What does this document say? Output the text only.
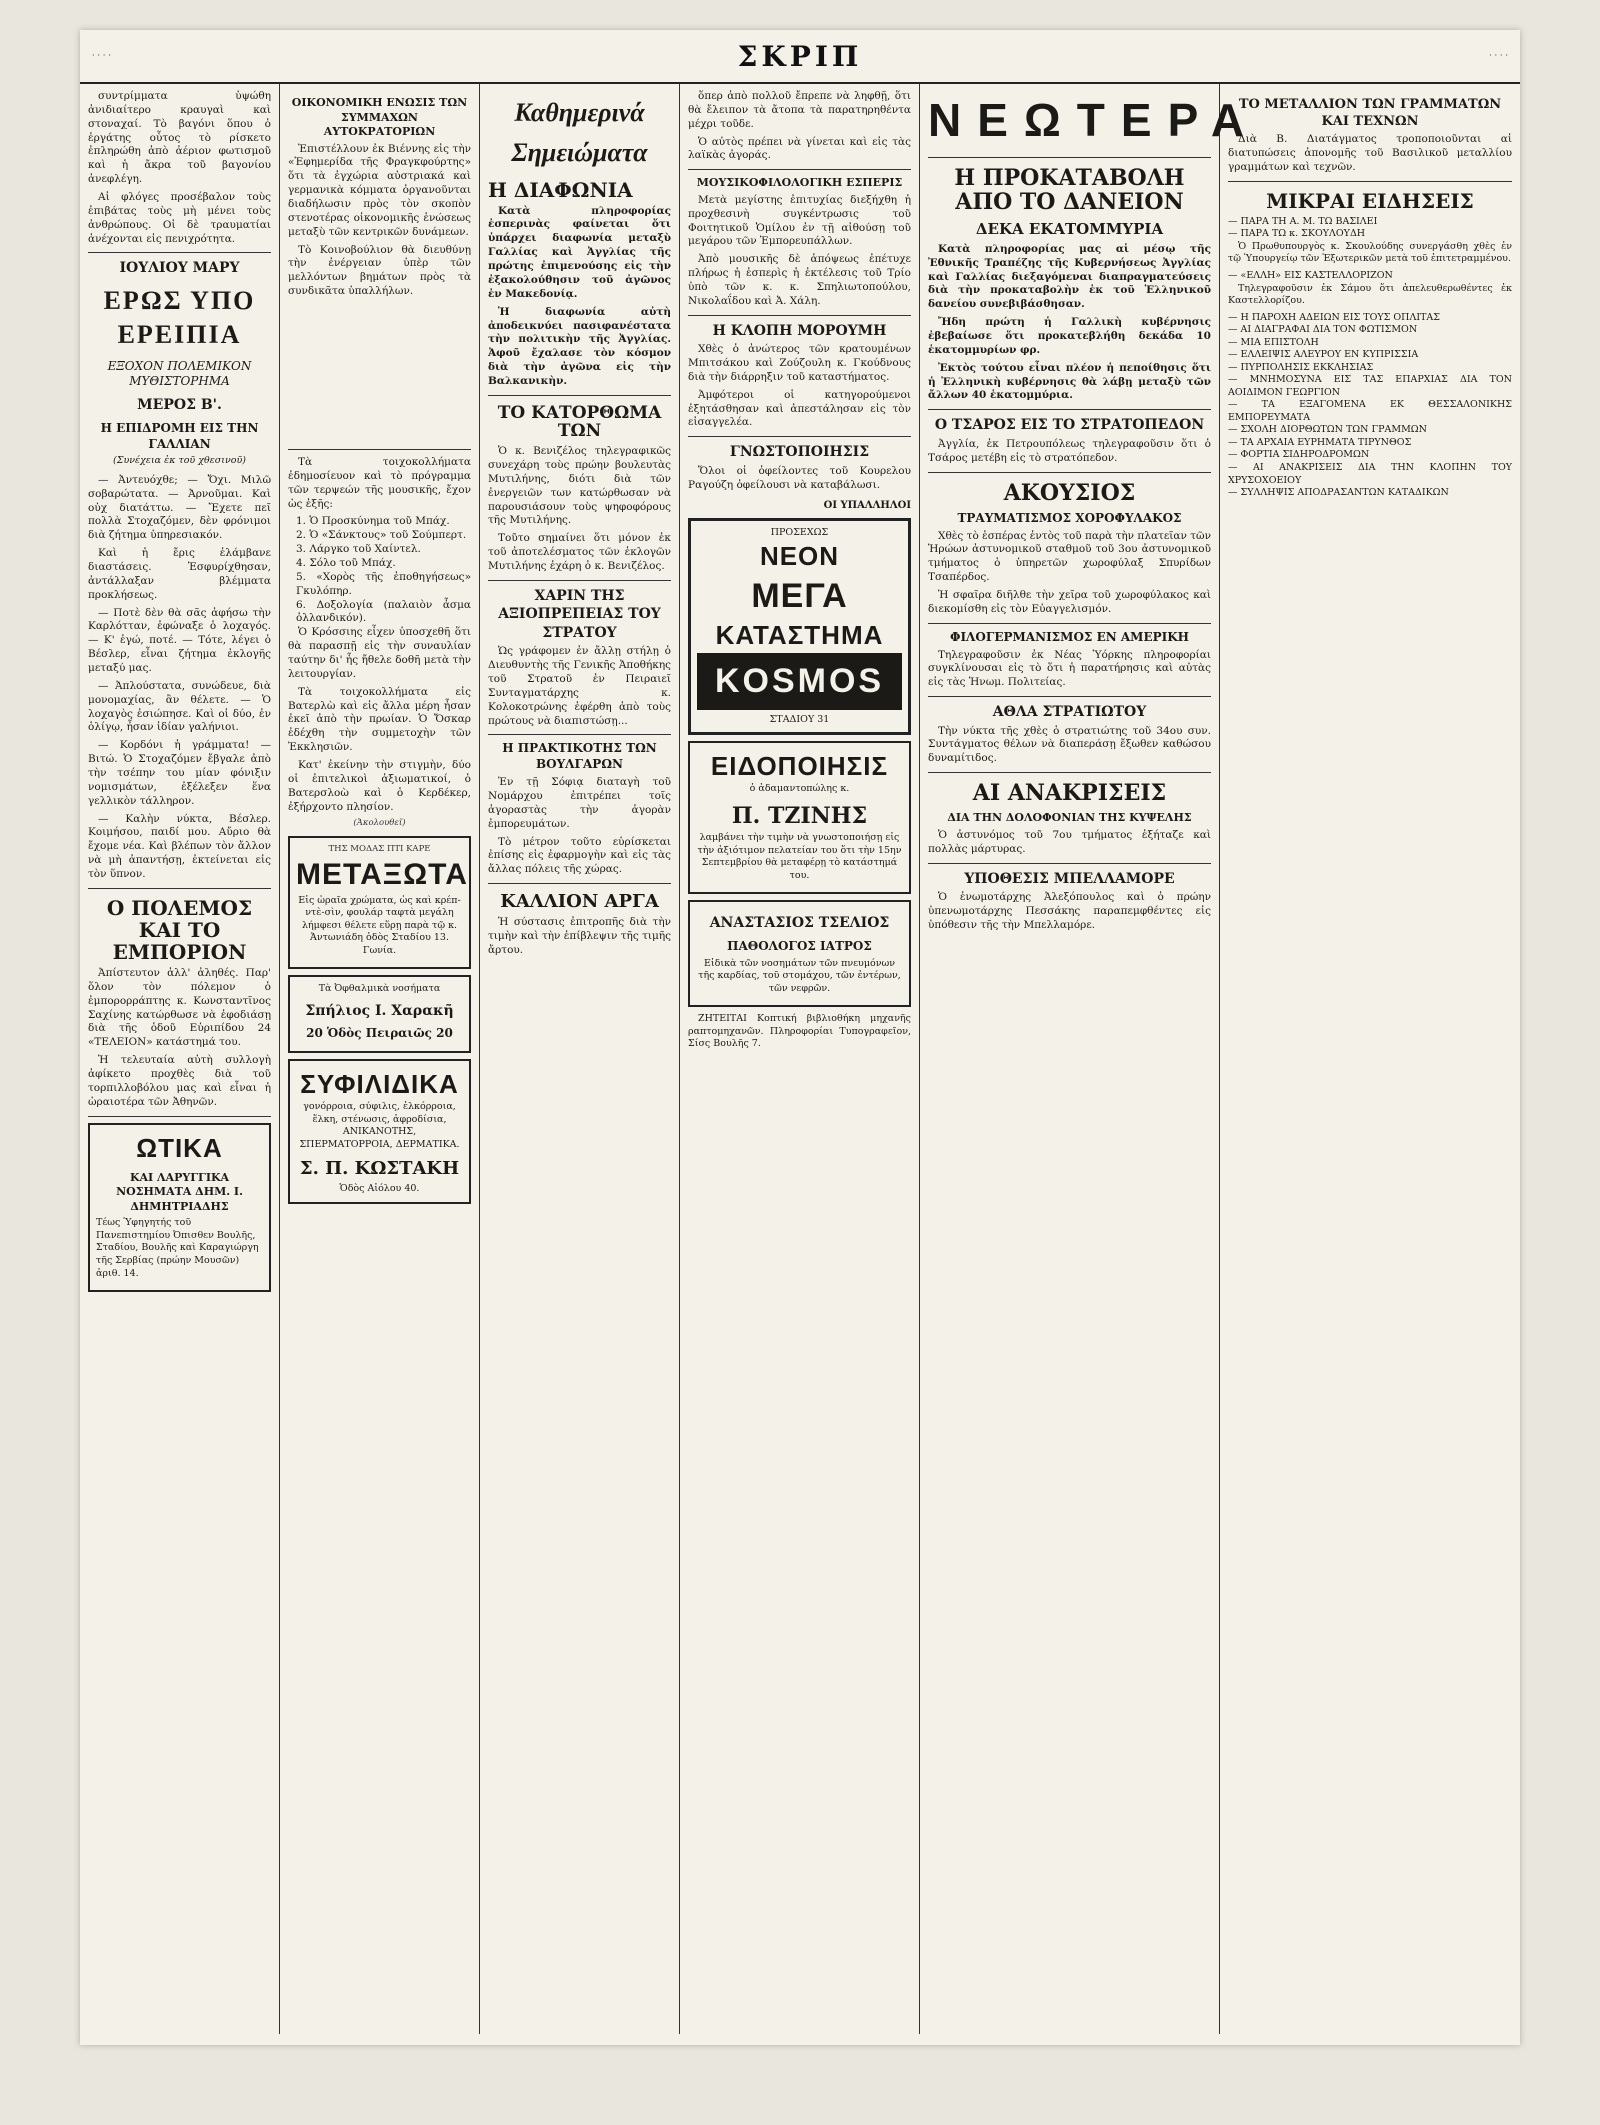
· · · ·	ΣΚΡΙΠ	· · · ·

συντρίμματα ὑψώθη ἀνιδιαίτερο κραυγαὶ καὶ στοναχαί. Τὸ βαγόνι ὅπου ὁ ἐργάτης οὗτος τὸ ρίσκετο ἐπληρώθη ἀπὸ ἀέριον φωτισμοῦ καὶ ἡ ἄκρα τοῦ βαγονίου ἀνεφλέγη.

Αἱ φλόγες προσέβαλον τοὺς ἐπιβάτας τοὺς μὴ μένει τοὺς ἀνθρώπους. Οἱ δὲ τραυματίαι ἀνέχονται εἰς πενιχρότητα.

ΙΟΥΛΙΟΥ ΜΑΡΥ
ΕΡΩΣ ΥΠΟ ΕΡΕΙΠΙΑ
ΕΞΟΧΟΝ ΠΟΛΕΜΙΚΟΝ ΜΥΘΙΣΤΟΡΗΜΑ
ΜΕΡΟΣ Β'.
Η ΕΠΙΔΡΟΜΗ ΕΙΣ ΤΗΝ ΓΑΛΛΙΑΝ
(Συνέχεια ἐκ τοῦ χθεσινοῦ)

— Ἀντευόχθε; — Ὄχι. Μιλῶ σοβαρώτατα. — Ἀρνοῦμαι. Καὶ οὐχ διατάττω. — Ἔχετε πεῖ πολλὰ Στοχαζόμεν, δὲν φρόνιμοι διὰ ζήτημα ὑπηρεσιακόν.

Καὶ ἡ ἔρις ἐλάμβανε διαστάσεις. Ἐσφυρίχθησαν, ἀντάλλαξαν βλέμματα προκλήσεως.

— Ποτὲ δὲν θὰ σᾶς ἀφήσω τὴν Καρλότταν, ἐφώναξε ὁ λοχαγός. — Κ' ἐγώ, ποτέ. — Τότε, λέγει ὁ Βέσλερ, εἶναι ζήτημα ἐκλογῆς μεταξύ μας.

— Ἀπλούστατα, συνώδευε, διὰ μονομαχίας, ἂν θέλετε. — Ὁ λοχαγὸς ἐσιώπησε. Καὶ οἱ δύο, ἐν ὁλίγῳ, ἦσαν ἰδίαν γαλήνιοι.

— Κορδόνι ἡ γράμματα! — Βιτώ. Ὁ Στοχαζόμεν ἔβγαλε ἀπὸ τὴν τσέπην του μίαν φόνιξιν νομισμάτων, ἐξέλεξεν ἕνα γελλικὸν τάλληρον.

— Καλὴν νύκτα, Βέσλερ. Κοιμήσου, παιδί μου. Αὔριο θὰ ἔχομε νέα. Καὶ βλέπων τὸν ἄλλον νὰ μὴ ἀπαντήσῃ, ἐκτείνεται εἰς τὸν ὕπνον.

Ο ΠΟΛΕΜΟΣ ΚΑΙ ΤΟ ΕΜΠΟΡΙΟΝ

Ἀπίστευτον ἀλλ' ἀληθές. Παρ' ὅλον τὸν πόλεμον ὁ ἐμπορορράπτης κ. Κωνσταντῖνος Σαχίνης κατώρθωσε νὰ ἐφοδιάσῃ διὰ τῆς ὁδοῦ Εὐριπίδου 24 «ΤΕΛΕΙΟΝ» κατάστημά του.

Ἡ τελευταία αὐτὴ συλλογὴ ἀφίκετο προχθὲς διὰ τοῦ τορπιλλοβόλου μας καὶ εἶναι ἡ ὡραιοτέρα τῶν Ἀθηνῶν.

ΩΤΙΚΑ
ΚΑΙ ΛΑΡΥΓΓΙΚΑ ΝΟΣΗΜΑΤΑ ΔΗΜ. Ι. ΔΗΜΗΤΡΙΑΔΗΣ

Τέως Ὑφηγητής τοῦ Πανεπιστημίου Ὀπισθεν Βουλῆς, Σταδίου, Βουλῆς καὶ Καραγιώργη τῆς Σερβίας (πρώην Μουσῶν) ἀριθ. 14.

ΟΙΚΟΝΟΜΙΚΗ ΕΝΩΣΙΣ ΤΩΝ ΣΥΜΜΑΧΩΝ ΑΥΤΟΚΡΑΤΟΡΙΩΝ

Ἐπιστέλλουν ἐκ Βιέννης εἰς τὴν «Ἐφημερίδα τῆς Φραγκφούρτης» ὅτι τὰ ἐγχώρια αὐστριακά καὶ γερμανικὰ κόμματα ὀργανοῦνται διαδήλωσιν πρὸς τὸν σκοπὸν στενοτέρας οἰκονομικῆς ἑνώσεως μεταξὺ τῶν κεντρικῶν δυνάμεων.

Τὸ Κοινοβούλιον θὰ διευθύνῃ τὴν ἐνέργειαν ὑπὲρ τῶν μελλόντων βημάτων πρὸς τὰ συνδικᾶτα ὑπαλλήλων.

Τὰ τοιχοκολλήματα ἐδημοσίευον καὶ τὸ πρόγραμμα τῶν τερψεών τῆς μουσικῆς, ἔχον ὡς ἑξῆς:

1. Ὁ Προσκύνημα τοῦ Μπάχ.
2. Ὁ «Σάνκτους» τοῦ Σούμπερτ.
3. Λάργκο τοῦ Χαίντελ.
4. Σόλο τοῦ Μπάχ.
5. «Χορὸς τῆς ἐποθηγήσεως» Γκυλόπηρ.
6. Δοξολογία (παλαιὸν ἆσμα ὀλλανδικόν).

Ὁ Κρόσσιης εἶχεν ὑποσχεθῆ ὅτι θὰ παρασπῇ εἰς τὴν συναυλίαν ταύτην δι' ἧς ἤθελε δοθῆ μετὰ τὴν λειτουργίαν.

Τὰ τοιχοκολλήματα εἰς Βατερλὼ καὶ εἰς ἄλλα μέρη ἦσαν ἐκεῖ ἀπὸ τὴν πρωίαν. Ὁ Ὄσκαρ ἐδέχθη τὴν συμμετοχὴν τῶν Ἐκκλησιῶν.

Κατ' ἐκείνην τὴν στιγμὴν, δύο οἱ ἐπιτελικοὶ ἀξιωματικοί, ὁ Βατερσλοὼ καὶ ὁ Κερδέκερ, ἐξήρχοντο πλησίον.

(Ἀκολουθεῖ)
ΤΗΣ ΜΟΔΑΣ ΠΤΙ ΚΑΡΕ
ΜΕΤΑΞΩΤΑ

Εἰς ὡραῖα χρώματα, ὡς καὶ κρέπ-ντὲ-σὶν, φουλάρ ταφτὰ μεγάλη λήμφεσι θέλετε εὕρῃ παρὰ τῷ κ. Ἀντωνιάδη ὁδὸς Σταδίου 13. Γωνία.

Τὰ Ὀφθαλμικὰ νοσήματα
Σπήλιος Ι. Χαρακῆ
20 Ὁδὸς Πειραιῶς 20
ΣΥΦΙΛΙΔΙΚΑ

γονόρροια, σύφιλις, ἐλκόρροια, ἕλκη, στένωσις, ἀφροδίσια, ΑΝΙΚΑΝΟΤΗΣ, ΣΠΕΡΜΑΤΟΡΡΟΙΑ, ΔΕΡΜΑΤΙΚΑ.

Σ. Π. ΚΩΣΤΑΚΗ
Ὁδὸς Αἰόλου 40.
Καθημερινά
Σημειώματα
Η ΔΙΑΦΩΝΙΑ

Κατὰ πληροφορίας ἐσπερινὰς φαίνεται ὅτι ὑπάρχει διαφωνία μεταξὺ Γαλλίας καὶ Ἀγγλίας τῆς πρώτης ἐπιμενούσης εἰς τὴν ἐξακολούθησιν τοῦ ἀγῶνος ἐν Μακεδονίᾳ.

Ἡ διαφωνία αὐτὴ ἀποδεικνύει πασιφανέστατα τὴν πολιτικὴν τῆς Ἀγγλίας. Ἀφοῦ ἔχαλασε τὸν κόσμον διὰ τὴν ἀγῶνα εἰς τὴν Βαλκανικὴν.

ΤΟ ΚΑΤΟΡΘΩΜΑ ΤΩΝ

Ὁ κ. Βενιζέλος τηλεγραφικῶς συνεχάρη τοὺς πρώην βουλευτὰς Μυτιλήνης, διότι διὰ τῶν ἐνεργειῶν των κατώρθωσαν νὰ παρουσιάσουν τοὺς ψηφοφόρους τῆς Μυτιλήνης.

Τοῦτο σημαίνει ὅτι μόνον ἐκ τοῦ ἀποτελέσματος τῶν ἐκλογῶν Μυτιλήνης ἐχάρη ὁ κ. Βενιζέλος.

ΧΑΡΙΝ ΤΗΣ ΑΞΙΟΠΡΕΠΕΙΑΣ ΤΟΥ ΣΤΡΑΤΟΥ

Ὡς γράφομεν ἐν ἄλλῃ στήλῃ ὁ Διευθυντὴς τῆς Γενικῆς Ἀποθήκης τοῦ Στρατοῦ ἐν Πειραιεῖ Συνταγματάρχης κ. Κολοκοτρώνης ἐφέρθη ἀπὸ τοὺς πρώτους νὰ διαπιστώσῃ...

Η ΠΡΑΚΤΙΚΟΤΗΣ ΤΩΝ ΒΟΥΛΓΑΡΩΝ

Ἐν τῇ Σόφιᾳ διαταγὴ τοῦ Νομάρχου ἐπιτρέπει τοῖς ἀγοραστὰς τὴν ἀγορὰν ἐμπορευμάτων.

Τὸ μέτρον τοῦτο εὑρίσκεται ἐπίσης εἰς ἐφαρμογὴν καὶ εἰς τὰς ἄλλας πόλεις τῆς χώρας.

ΚΑΛΛΙΟΝ ΑΡΓΑ

Ἡ σύστασις ἐπιτροπῆς διὰ τὴν τιμὴν καὶ τὴν ἐπίβλεψιν τῆς τιμῆς ἄρτου.

ὅπερ ἀπὸ πολλοῦ ἔπρεπε νὰ ληφθῇ, ὅτι θὰ ἔλειπον τὰ ἄτοπα τὰ παρατηρηθέντα μέχρι τοῦδε.

Ὁ αὐτὸς πρέπει νὰ γίνεται καὶ εἰς τὰς λαϊκὰς ἀγοράς.

ΜΟΥΣΙΚΟΦΙΛΟΛΟΓΙΚΗ ΕΣΠΕΡΙΣ

Μετὰ μεγίστης ἐπιτυχίας διεξήχθη ἡ προχθεσινὴ συγκέντρωσις τοῦ Φοιτητικοῦ Ὁμίλου ἐν τῇ αἰθούσῃ τοῦ μεγάρου τῶν Ἐμπορευπάλλων.

Ἀπὸ μουσικῆς δὲ ἀπόψεως ἐπέτυχε πλήρως ἡ ἑσπερὶς ἡ ἐκτέλεσις τοῦ Τρίο ὑπὸ τῶν κ. κ. Σπηλιωτοπούλου, Νικολαΐδου καὶ Ἀ. Χάλη.

Η ΚΛΟΠΗ ΜΟΡΟΥΜΗ

Χθὲς ὁ ἀνώτερος τῶν κρατουμένων Μπιτσάκου καὶ Ζούζουλη κ. Γκούδνους διὰ τὴν διάρρηξιν τοῦ καταστήματος.

Ἀμφότεροι οἱ κατηγορούμενοι ἐξητάσθησαν καὶ ἀπεστάλησαν εἰς τὸν εἰσαγγελέα.

ΓΝΩΣΤΟΠΟΙΗΣΙΣ

Ὅλοι οἱ ὀφείλοντες τοῦ Κουρελου Ραγούζη ὀφείλουσι νὰ καταβάλωσι.

ΟΙ ΥΠΑΛΛΗΛΟΙ
ΠΡΟΣΕΧΩΣ
ΝΕΟΝ
ΜΕΓΑ
ΚΑΤΑΣΤΗΜΑ
KOSMOS
ΣΤΑΔΙΟΥ 31
ΕΙΔΟΠΟΙΗΣΙΣ
ὁ ἀδαμαντοπώλης κ.
Π. ΤΖΙΝΗΣ

λαμβάνει τὴν τιμὴν νὰ γνωστοποιήσῃ εἰς τὴν ἀξιότιμον πελατείαν του ὅτι τὴν 15ην Σεπτεμβρίου θὰ μεταφέρῃ τὸ κατάστημά του.

ΑΝΑΣΤΑΣΙΟΣ ΤΣΕΛΙΟΣ
ΠΑΘΟΛΟΓΟΣ ΙΑΤΡΟΣ

Εἰδικὰ τῶν νοσημάτων τῶν πνευμόνων τῆς καρδίας, τοῦ στομάχου, τῶν ἐντέρων, τῶν νεφρῶν.

ΖΗΤΕΙΤΑΙ Κοπτική βιβλιοθήκη μηχανῆς ραπτομηχανῶν. Πληροφορίαι Τυπογραφεῖον, Σίσς Βουλῆς 7.

ΝΕΩΤΕΡΑ
Η ΠΡΟΚΑΤΑΒΟΛΗ ΑΠΟ ΤΟ ΔΑΝΕΙΟΝ
ΔΕΚΑ ΕΚΑΤΟΜΜΥΡΙΑ

Κατὰ πληροφορίας μας αἱ μέσῳ τῆς Ἐθνικῆς Τραπέζης τῆς Κυβερνήσεως Ἀγγλίας καὶ Γαλλίας διεξαγόμεναι διαπραγματεύσεις διὰ τὴν προκαταβολὴν ἐκ τοῦ Ἑλληνικοῦ δανείου συνεβιβάσθησαν.

Ἤδη πρώτη ἡ Γαλλικὴ κυβέρνησις ἐβεβαίωσε ὅτι προκατεβλήθη δεκάδα 10 ἑκατομμυρίων φρ.

Ἐκτὸς τούτου εἶναι πλέον ἡ πεποίθησις ὅτι ἡ Ἑλληνικὴ κυβέρνησις θὰ λάβῃ μεταξὺ τῶν ἄλλων 40 ἑκατομμύρια.

Ο ΤΣΑΡΟΣ ΕΙΣ ΤΟ ΣΤΡΑΤΟΠΕΔΟΝ

Ἀγγλία, ἐκ Πετρουπόλεως τηλεγραφοῦσιν ὅτι ὁ Τσάρος μετέβη εἰς τὸ στρατόπεδον.

ΑΚΟΥΣΙΟΣ
ΤΡΑΥΜΑΤΙΣΜΟΣ ΧΟΡΟΦΥΛΑΚΟΣ

Χθὲς τὸ ἑσπέρας ἐντὸς τοῦ παρὰ τὴν πλατεῖαν τῶν Ἡρώων ἀστυνομικοῦ σταθμοῦ τοῦ 3ου ἀστυνομικοῦ τμήματος ὁ ὑπηρετῶν χωροφύλαξ Σπυρίδων Τσαπέρδος.

Ἡ σφαῖρα διῆλθε τὴν χεῖρα τοῦ χωροφύλακος καὶ διεκομίσθη εἰς τὸν Εὐαγγελισμόν.

ΦΙΛΟΓΕΡΜΑΝΙΣΜΟΣ ΕΝ ΑΜΕΡΙΚΗ

Τηλεγραφοῦσιν ἐκ Νέας Ὑόρκης πληροφορίαι συγκλίνουσαι εἰς τὸ ὅτι ἡ παρατήρησις καὶ αὐτὰς εἰς τὰς Ἡνωμ. Πολιτείας.

ΑΘΛΑ ΣΤΡΑΤΙΩΤΟΥ

Τὴν νύκτα τῆς χθὲς ὁ στρατιώτης τοῦ 34ου συν. Συντάγματος θέλων νὰ διαπεράσῃ ἔξωθεν καθώσου δυναμίτιδος.

ΑΙ ΑΝΑΚΡΙΣΕΙΣ
ΔΙΑ ΤΗΝ ΔΟΛΟΦΟΝΙΑΝ ΤΗΣ ΚΥΨΕΛΗΣ

Ὁ ἀστυνόμος τοῦ 7ου τμήματος ἐξήταζε καὶ πολλὰς μάρτυρας.

ΥΠΟΘΕΣΙΣ ΜΠΕΛΛΑΜΟΡΕ

Ὁ ἐνωμοτάρχης Ἀλεξόπουλος καὶ ὁ πρώην ὑπενωμοτάρχης Πεσσάκης παραπεμφθέντες εἰς ὑπόθεσιν τῆς τὴν Μπελλαμόρε.

ΤΟ ΜΕΤΑΛΛΙΟΝ ΤΩΝ ΓΡΑΜΜΑΤΩΝ ΚΑΙ ΤΕΧΝΩΝ

Διὰ Β. Διατάγματος τροποποιοῦνται αἱ διατυπώσεις ἀπονομῆς τοῦ Βασιλικοῦ μεταλλίου γραμμάτων καὶ τεχνῶν.

ΜΙΚΡΑΙ ΕΙΔΗΣΕΙΣ
— ΠΑΡΑ ΤΗ Α. Μ. ΤΩ ΒΑΣΙΛΕΙ
— ΠΑΡΑ ΤΩ κ. ΣΚΟΥΛΟΥΔΗ

Ὁ Πρωθυπουργὸς κ. Σκουλούδης συνεργάσθη χθὲς ἐν τῷ Ὑπουργείῳ τῶν Ἐξωτερικῶν μετὰ τοῦ ἐπιτετραμμένου.

— «ΕΛΛΗ» ΕΙΣ ΚΑΣΤΕΛΛΟΡΙΖΟΝ

Τηλεγραφοῦσιν ἐκ Σάμου ὅτι ἀπελευθερωθέντες ἐκ Καστελλορίζου.

— Η ΠΑΡΟΧΗ ΑΔΕΙΩΝ ΕΙΣ ΤΟΥΣ ΟΠΛΙΤΑΣ
— ΑΙ ΔΙΑΓΡΑΦΑΙ ΔΙΑ ΤΟΝ ΦΩΤΙΣΜΟΝ
— ΜΙΑ ΕΠΙΣΤΟΛΗ
— ΕΛΛΕΙΨΙΣ ΑΛΕΥΡΟΥ ΕΝ ΚΥΠΡΙΣΣΙΑ
— ΠΥΡΠΟΛΗΣΙΣ ΕΚΚΛΗΣΙΑΣ
— ΜΝΗΜΟΣΥΝΑ ΕΙΣ ΤΑΣ ΕΠΑΡΧΙΑΣ ΔΙΑ ΤΟΝ ΑΟΙΔΙΜΟΝ ΓΕΩΡΓΙΟΝ
— ΤΑ ΕΞΑΓΟΜΕΝΑ ΕΚ ΘΕΣΣΑΛΟΝΙΚΗΣ ΕΜΠΟΡΕΥΜΑΤΑ
— ΣΧΟΛΗ ΔΙΟΡΘΩΤΩΝ ΤΩΝ ΓΡΑΜΜΩΝ
— ΤΑ ΑΡΧΑΙΑ ΕΥΡΗΜΑΤΑ ΤΙΡΥΝΘΟΣ
— ΦΟΡΤΙΑ ΣΙΔΗΡΟΔΡΟΜΩΝ
— ΑΙ ΑΝΑΚΡΙΣΕΙΣ ΔΙΑ ΤΗΝ ΚΛΟΠΗΝ ΤΟΥ ΧΡΥΣΟΧΟΕΙΟΥ
— ΣΥΛΛΗΨΙΣ ΑΠΟΔΡΑΣΑΝΤΩΝ ΚΑΤΑΔΙΚΩΝ
